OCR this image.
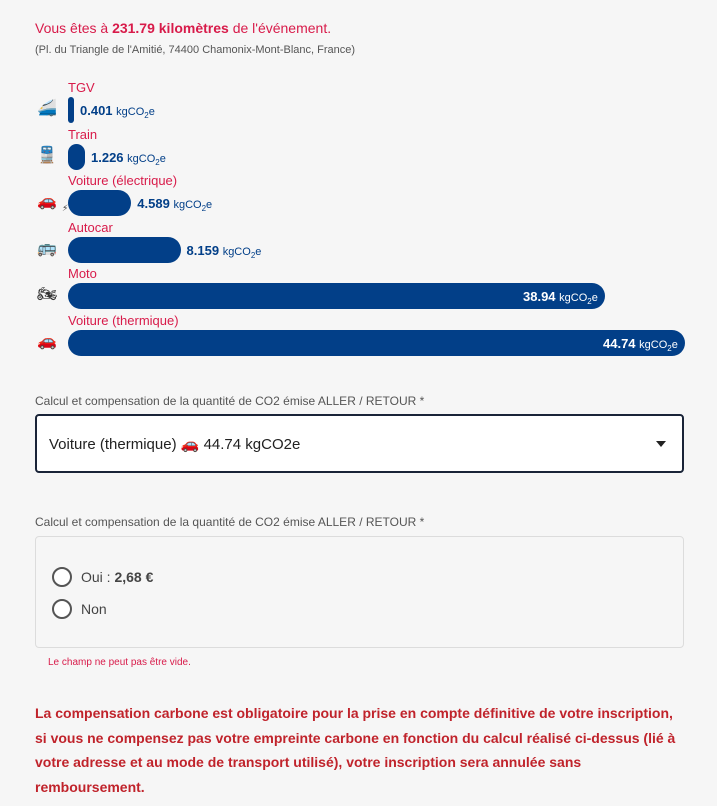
Vous êtes à 231.79 kilomètres de l'événement.
(Pl. du Triangle de l'Amitié, 74400 Chamonix-Mont-Blanc, France)
TGV
🚄 0.401 kgCO$_2$e
Train
🚆	1.226 kgCO$_2$e
Voiture (électrique)
🚗 ⚡	4.589 kgCO$_2$e
Autocar
🚌	8.159 kgCO$_2$e
Moto
🏍	38.94 kgCO$_2$e
Voiture (thermique)
🚗	44.74 kgCO$_2$e
Calcul et compensation de la quantité de CO2 émise ALLER / RETOUR *
Voiture (thermique) 🚗 44.74 kgCO2e
Calcul et compensation de la quantité de CO2 émise ALLER / RETOUR *
Oui : 2,68 €
Non
Le champ ne peut pas être vide.
La compensation carbone est obligatoire pour la prise en compte définitive de votre inscription, si vous ne compensez pas votre empreinte carbone en fonction du calcul réalisé ci-dessus (lié à votre adresse et au mode de transport utilisé), votre inscription sera annulée sans remboursement.
